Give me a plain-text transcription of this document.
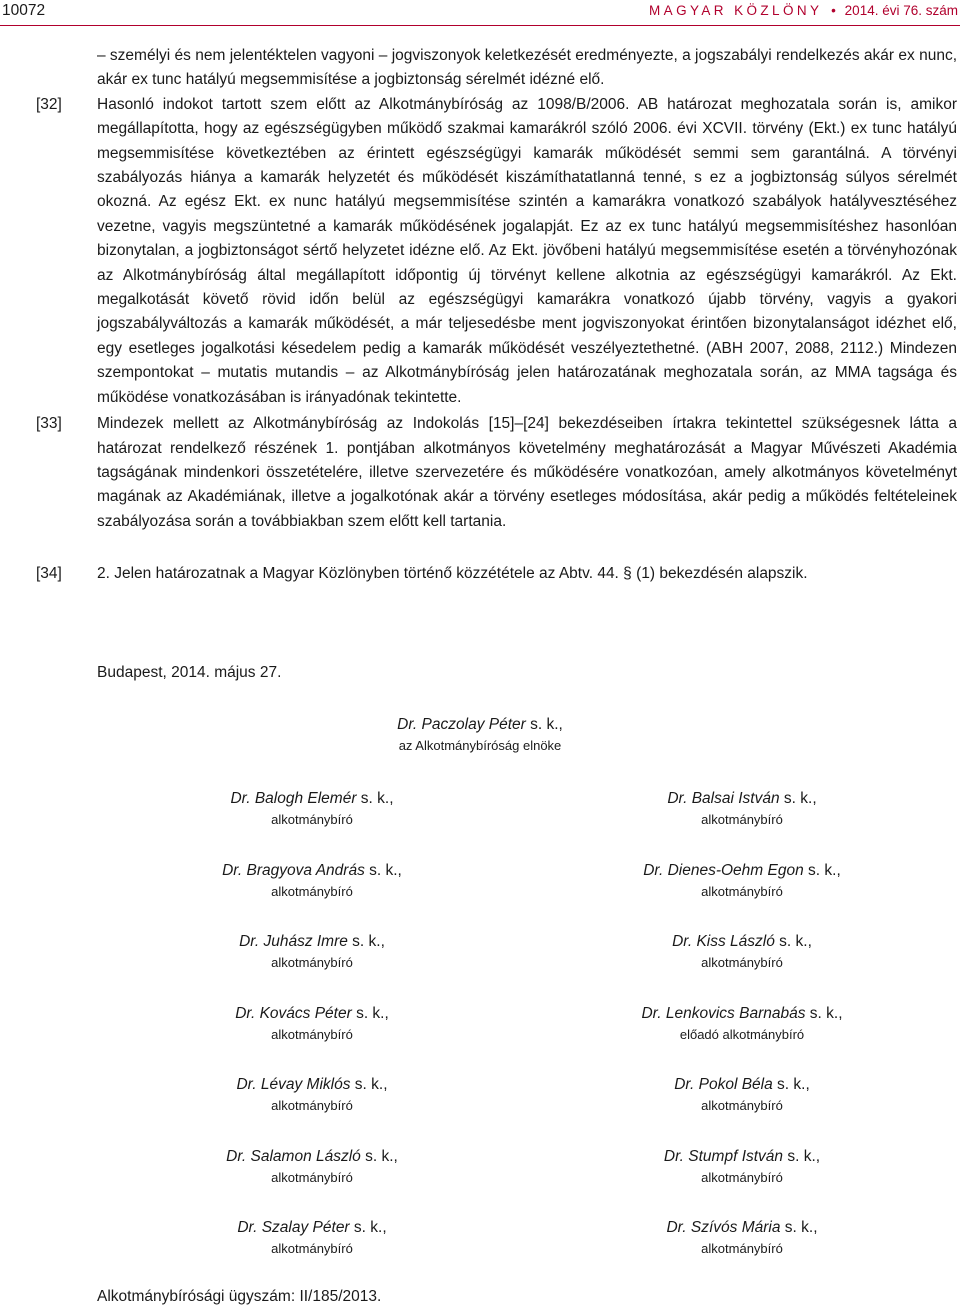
10072	MAGYAR KÖZLÖNY • 2014. évi 76. szám
– személyi és nem jelentéktelen vagyoni – jogviszonyok keletkezését eredményezte, a jogszabályi rendelkezés akár ex nunc, akár ex tunc hatályú megsemmisítése a jogbiztonság sérelmét idézné elő.
[32] Hasonló indokot tartott szem előtt az Alkotmánybíróság az 1098/B/2006. AB határozat meghozatala során is, amikor megállapította, hogy az egészségügyben működő szakmai kamarákról szóló 2006. évi XCVII. törvény (Ekt.) ex tunc hatályú megsemmisítése következtében az érintett egészségügyi kamarák működését semmi sem garantálná. A törvényi szabályozás hiánya a kamarák helyzetét és működését kiszámíthatatlanná tenné, s ez a jogbiztonság súlyos sérelmét okozná. Az egész Ekt. ex nunc hatályú megsemmisítése szintén a kamarákra vonatkozó szabályok hatályvesztéséhez vezetne, vagyis megszüntetné a kamarák működésének jogalapját. Ez az ex tunc hatályú megsemmisítéshez hasonlóan bizonytalan, a jogbiztonságot sértő helyzetet idézne elő. Az Ekt. jövőbeni hatályú megsemmisítése esetén a törvényhozónak az Alkotmánybíróság által megállapított időpontig új törvényt kellene alkotnia az egészségügyi kamarákról. Az Ekt. megalkotását követő rövid időn belül az egészségügyi kamarákra vonatkozó újabb törvény, vagyis a gyakori jogszabályváltozás a kamarák működését, a már teljesedésbe ment jogviszonyokat érintően bizonytalanságot idézhet elő, egy esetleges jogalkotási késedelem pedig a kamarák működését veszélyeztethetné. (ABH 2007, 2088, 2112.) Mindezen szempontokat – mutatis mutandis – az Alkotmánybíróság jelen határozatának meghozatala során, az MMA tagsága és működése vonatkozásában is irányadónak tekintette.
[33] Mindezek mellett az Alkotmánybíróság az Indokolás [15]–[24] bekezdéseiben írtakra tekintettel szükségesnek látta a határozat rendelkező részének 1. pontjában alkotmányos követelmény meghatározását a Magyar Művészeti Akadémia tagságának mindenkori összetételére, illetve szervezetére és működésére vonatkozóan, amely alkotmányos követelményt magának az Akadémiának, illetve a jogalkotónak akár a törvény esetleges módosítása, akár pedig a működés feltételeinek szabályozása során a továbbiakban szem előtt kell tartania.
[34] 2. Jelen határozatnak a Magyar Közlönyben történő közzététele az Abtv. 44. § (1) bekezdésén alapszik.
Budapest, 2014. május 27.
Dr. Paczolay Péter s. k.,
az Alkotmánybíróság elnöke
Dr. Balogh Elemér s. k.,
alkotmánybíró
Dr. Balsai István s. k.,
alkotmánybíró
Dr. Bragyova András s. k.,
alkotmánybíró
Dr. Dienes-Oehm Egon s. k.,
alkotmánybíró
Dr. Juhász Imre s. k.,
alkotmánybíró
Dr. Kiss László s. k.,
alkotmánybíró
Dr. Kovács Péter s. k.,
alkotmánybíró
Dr. Lenkovics Barnabás s. k.,
előadó alkotmánybíró
Dr. Lévay Miklós s. k.,
alkotmánybíró
Dr. Pokol Béla s. k.,
alkotmánybíró
Dr. Salamon László s. k.,
alkotmánybíró
Dr. Stumpf István s. k.,
alkotmánybíró
Dr. Szalay Péter s. k.,
alkotmánybíró
Dr. Szívós Mária s. k.,
alkotmánybíró
Alkotmánybírósági ügyszám: II/185/2013.
